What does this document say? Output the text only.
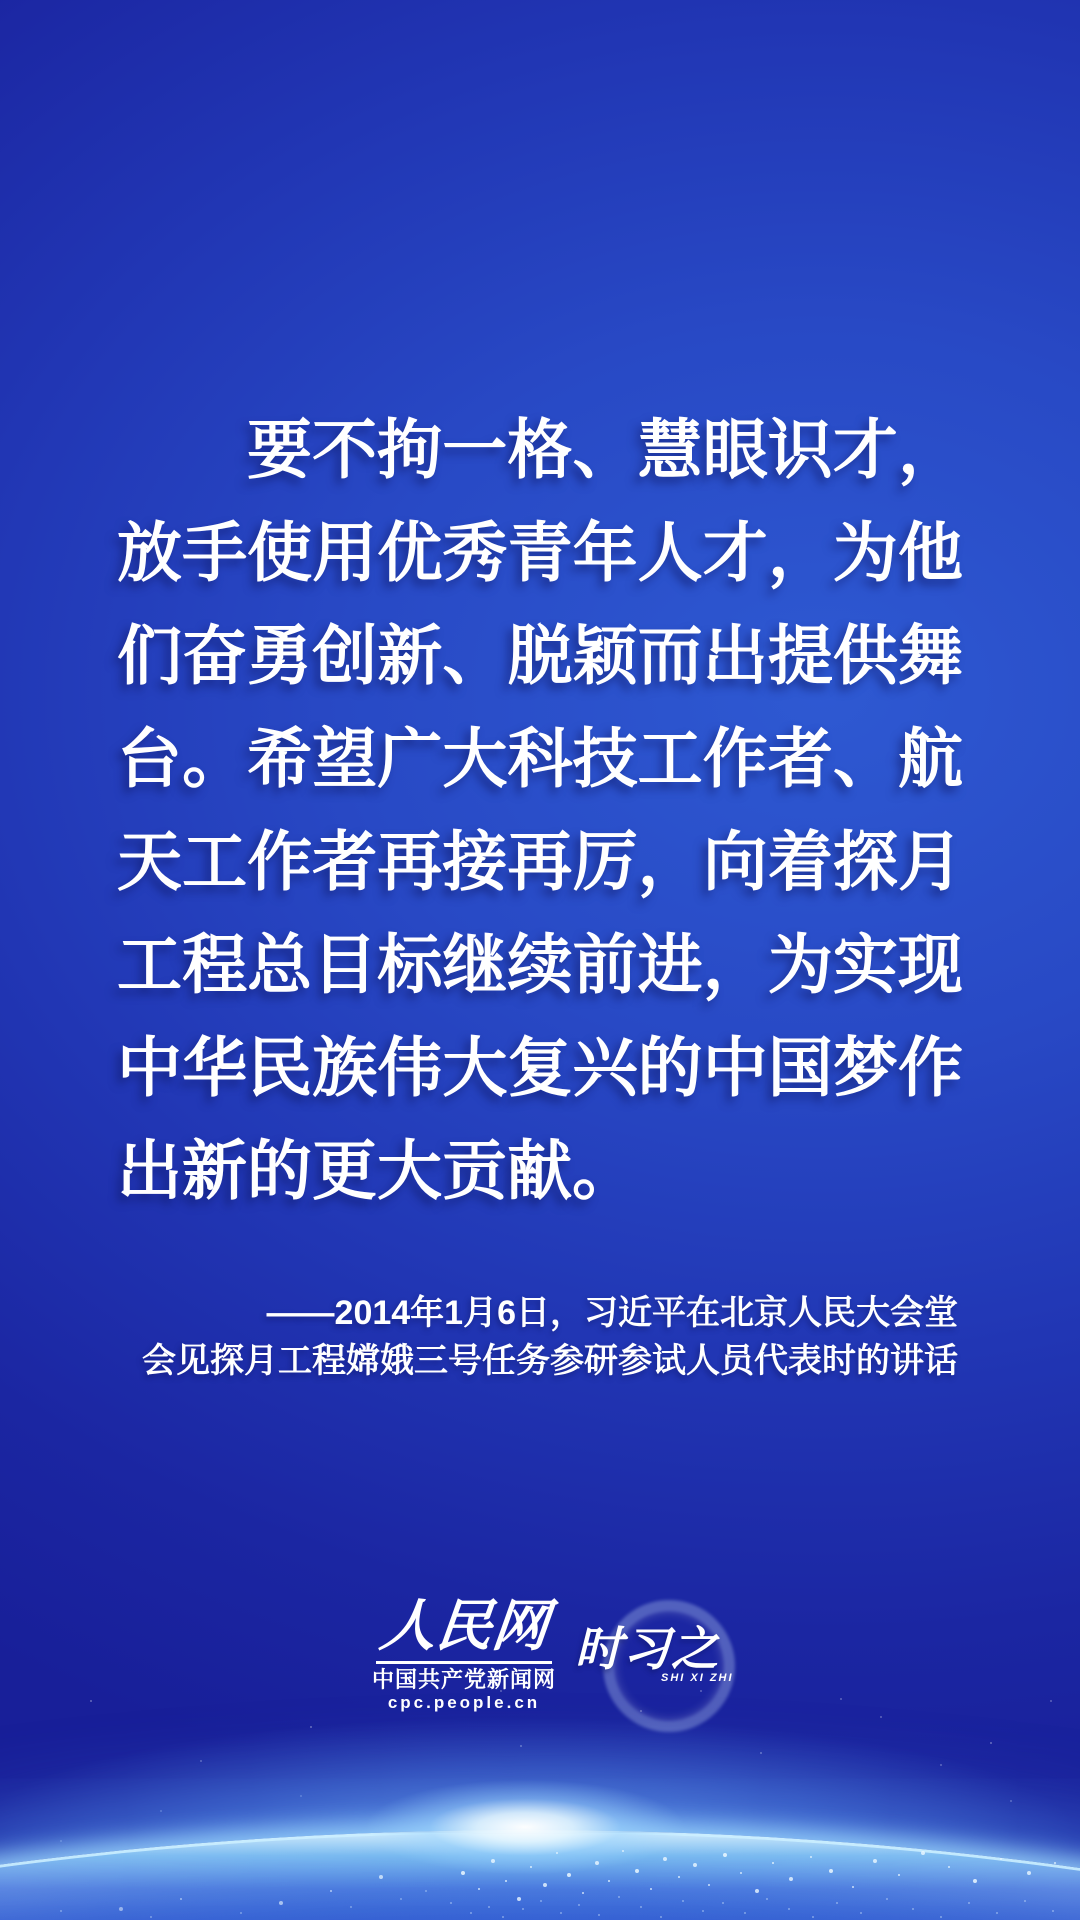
要不拘一格、慧眼识才，
放手使用优秀青年人才，为他
们奋勇创新、脱颖而出提供舞
台。希望广大科技工作者、航
天工作者再接再厉，向着探月
工程总目标继续前进，为实现
中华民族伟大复兴的中国梦作
出新的更大贡献。
——2014年1月6日，习近平在北京人民大会堂
会见探月工程嫦娥三号任务参研参试人员代表时的讲话
人民网
中国共产党新闻网
cpc.people.cn
时习之
SHI XI ZHI
